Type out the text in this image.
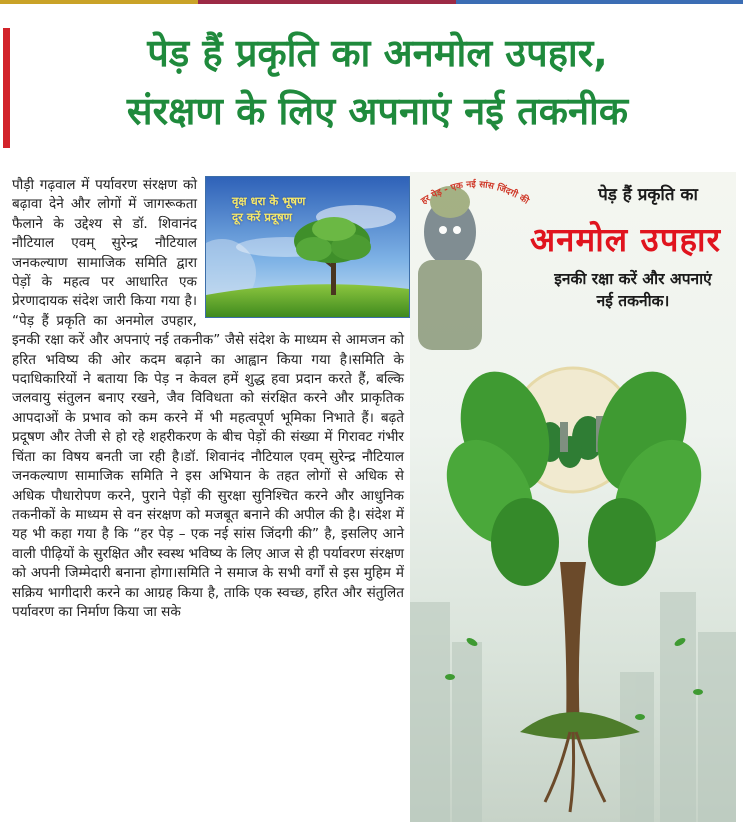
पेड़ हैं प्रकृति का अनमोल उपहार,
संरक्षण के लिए अपनाएं नई तकनीक
वृक्ष धरा के भूषण
दूर करें प्रदूषण
पौड़ी गढ़वाल में पर्यावरण संरक्षण को बढ़ावा देने और लोगों में जागरूकता फैलाने के उद्देश्य से डॉ. शिवानंद नौटियाल एवम् सुरेन्द्र नौटियाल जनकल्याण सामाजिक समिति द्वारा पेड़ों के महत्व पर आधारित एक प्रेरणादायक संदेश जारी किया गया है। “पेड़ हैं प्रकृति का अनमोल उपहार, इनकी रक्षा करें और अपनाएं नई तकनीक” जैसे संदेश के माध्यम से आमजन को हरित भविष्य की ओर कदम बढ़ाने का आह्वान किया गया है।समिति के पदाधिकारियों ने बताया कि पेड़ न केवल हमें शुद्ध हवा प्रदान करते हैं, बल्कि जलवायु संतुलन बनाए रखने, जैव विविधता को संरक्षित करने और प्राकृतिक आपदाओं के प्रभाव को कम करने में भी महत्वपूर्ण भूमिका निभाते हैं। बढ़ते प्रदूषण और तेजी से हो रहे शहरीकरण के बीच पेड़ों की संख्या में गिरावट गंभीर चिंता का विषय बनती जा रही है।डॉ. शिवानंद नौटियाल एवम् सुरेन्द्र नौटियाल जनकल्याण सामाजिक समिति ने इस अभियान के तहत लोगों से अधिक से अधिक पौधारोपण करने, पुराने पेड़ों की सुरक्षा सुनिश्चित करने और आधुनिक तकनीकों के माध्यम से वन संरक्षण को मजबूत बनाने की अपील की है। संदेश में यह भी कहा गया है कि “हर पेड़ – एक नई सांस जिंदगी की” है, इसलिए आने वाली पीढ़ियों के सुरक्षित और स्वस्थ भविष्य के लिए आज से ही पर्यावरण संरक्षण को अपनी जिम्मेदारी बनाना होगा।समिति ने समाज के सभी वर्गों से इस मुहिम में सक्रिय भागीदारी करने का आग्रह किया है, ताकि एक स्वच्छ, हरित और संतुलित पर्यावरण का निर्माण किया जा सके
पेड़ हैं प्रकृति का
अनमोल उपहार
इनकी रक्षा करें और अपनाएं
नई तकनीक।
हर पेड़ - एक नई सांस जिंदगी की
